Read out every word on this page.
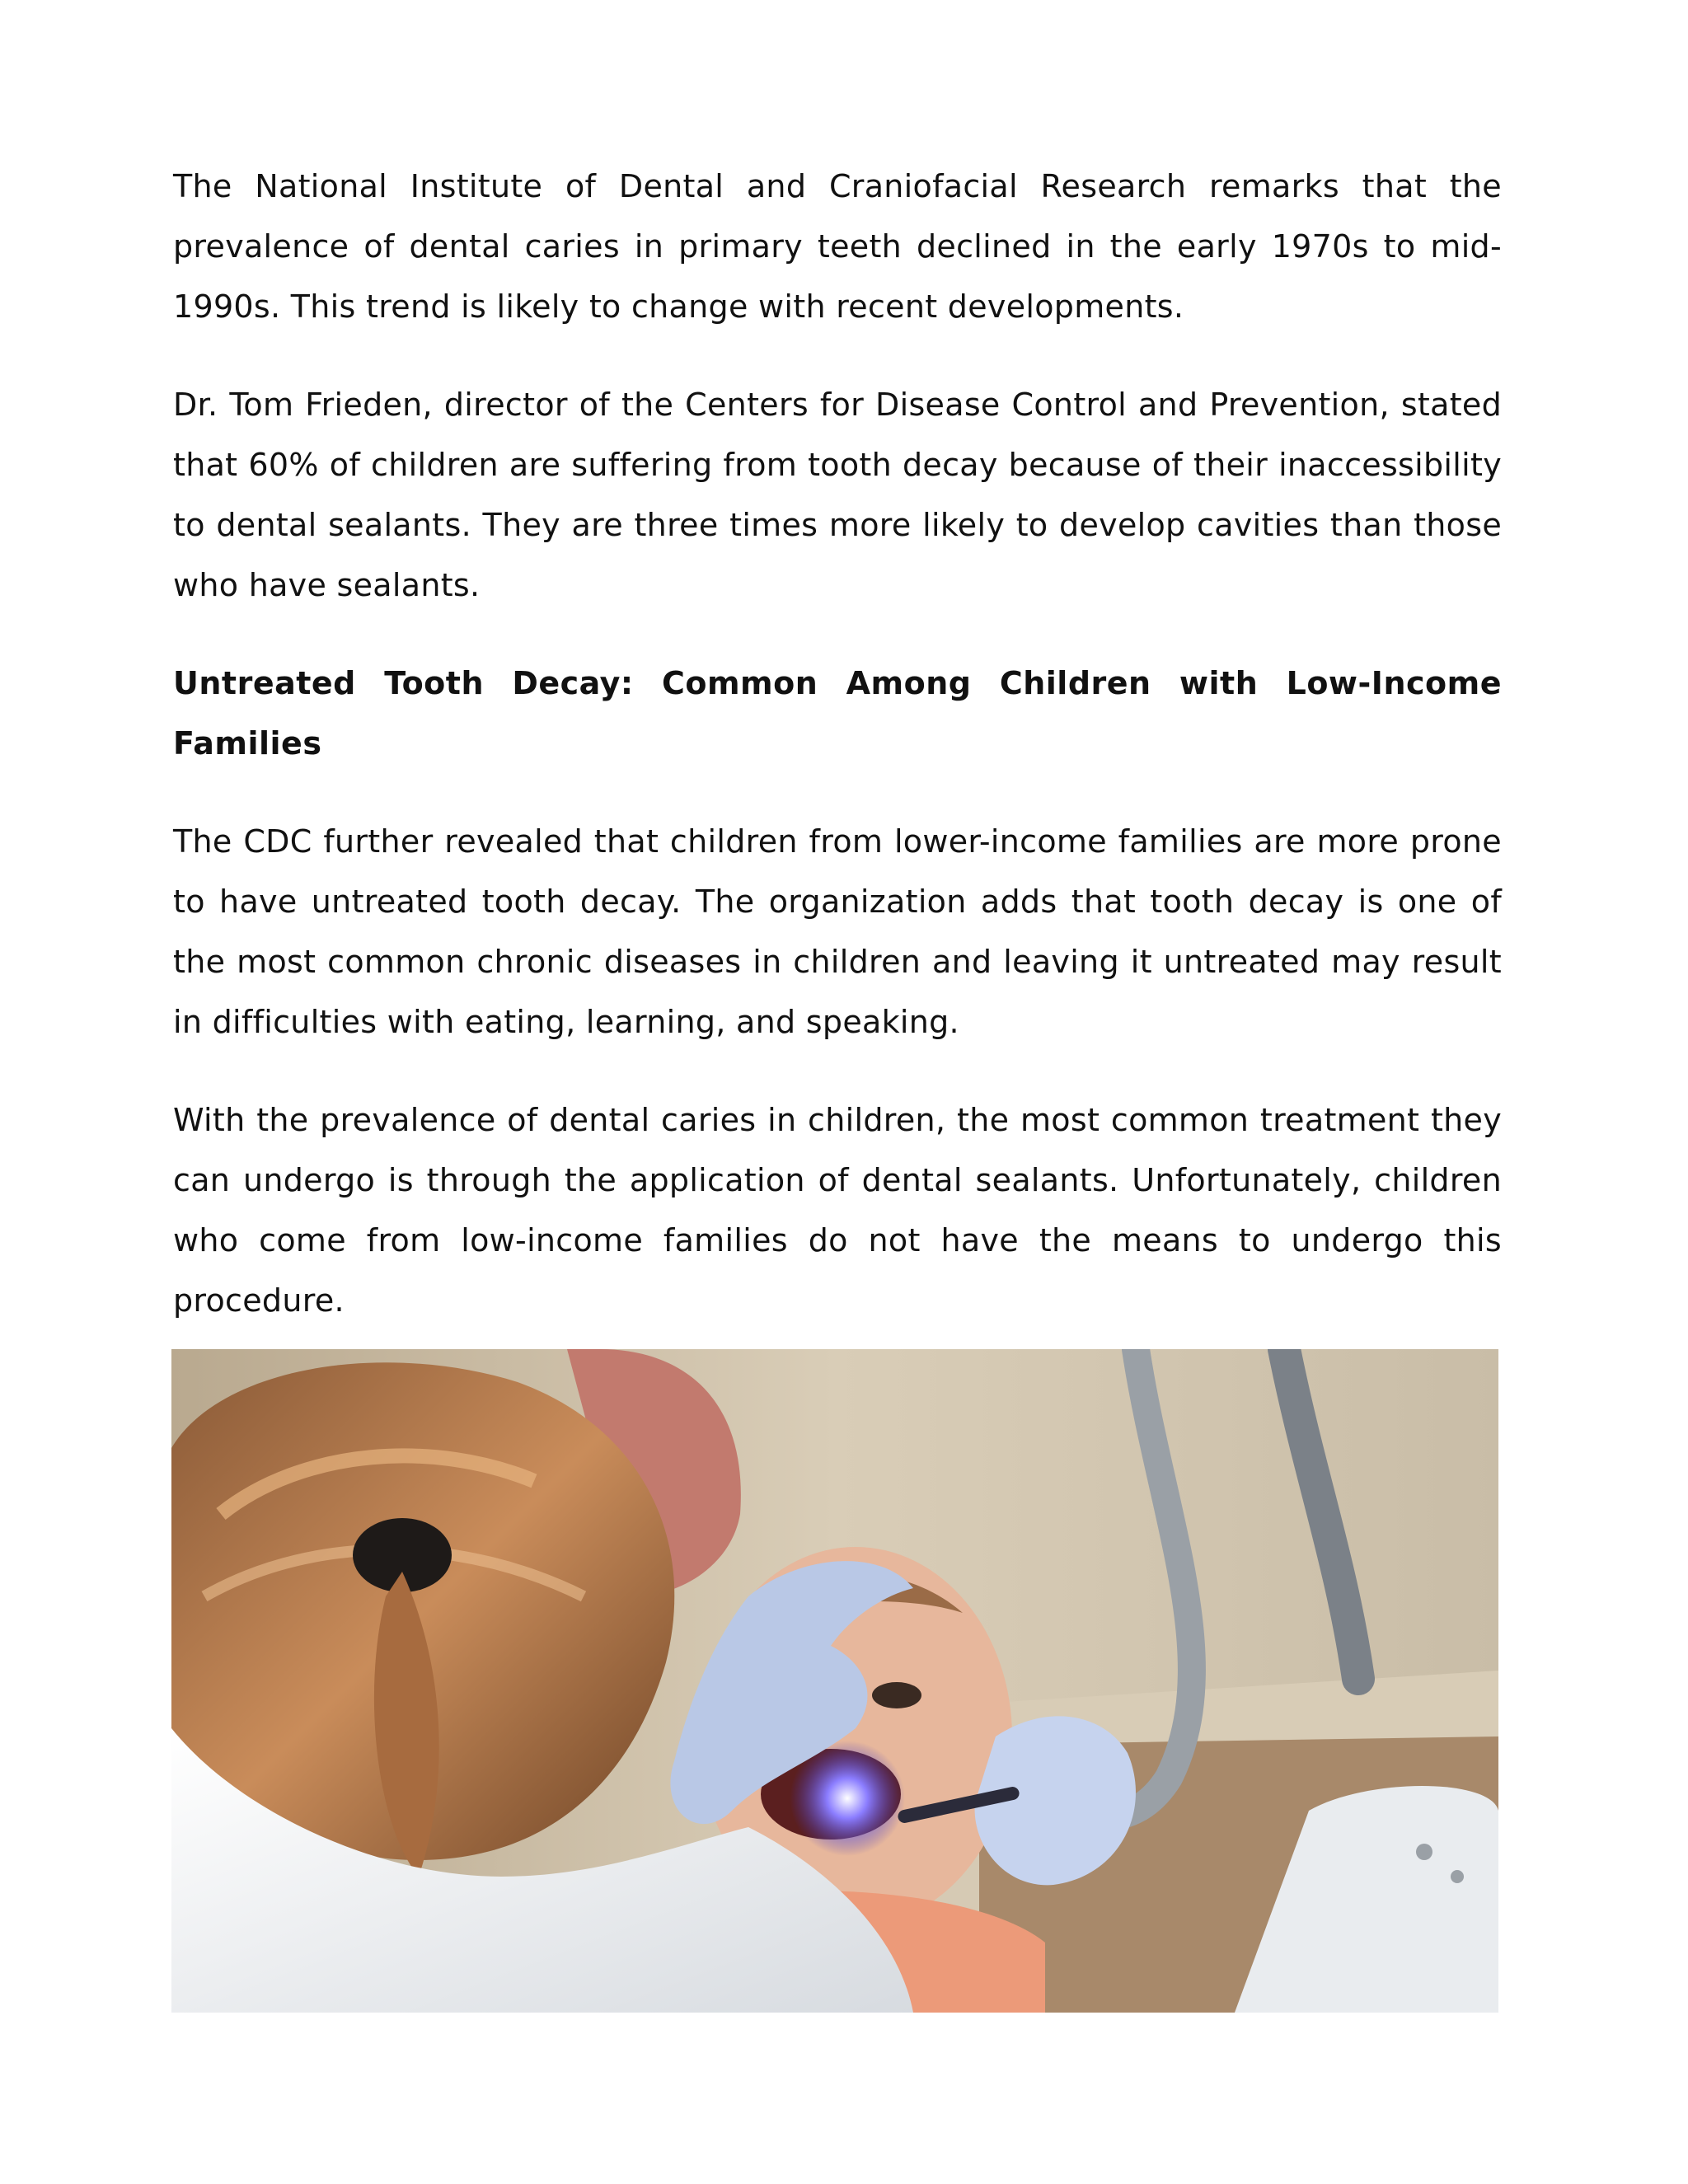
The National Institute of Dental and Craniofacial Research remarks that the prevalence of dental caries in primary teeth declined in the early 1970s to mid-1990s. This trend is likely to change with recent developments.

Dr. Tom Frieden, director of the Centers for Disease Control and Prevention, stated that 60% of children are suffering from tooth decay because of their inaccessibility to dental sealants. They are three times more likely to develop cavities than those who have sealants.

Untreated Tooth Decay: Common Among Children with Low-Income Families

The CDC further revealed that children from lower-income families are more prone to have untreated tooth decay. The organization adds that tooth decay is one of the most common chronic diseases in children and leaving it untreated may result in difficulties with eating, learning, and speaking.

With the prevalence of dental caries in children, the most common treatment they can undergo is through the application of dental sealants. Unfortunately, children who come from low-income families do not have the means to undergo this procedure.
